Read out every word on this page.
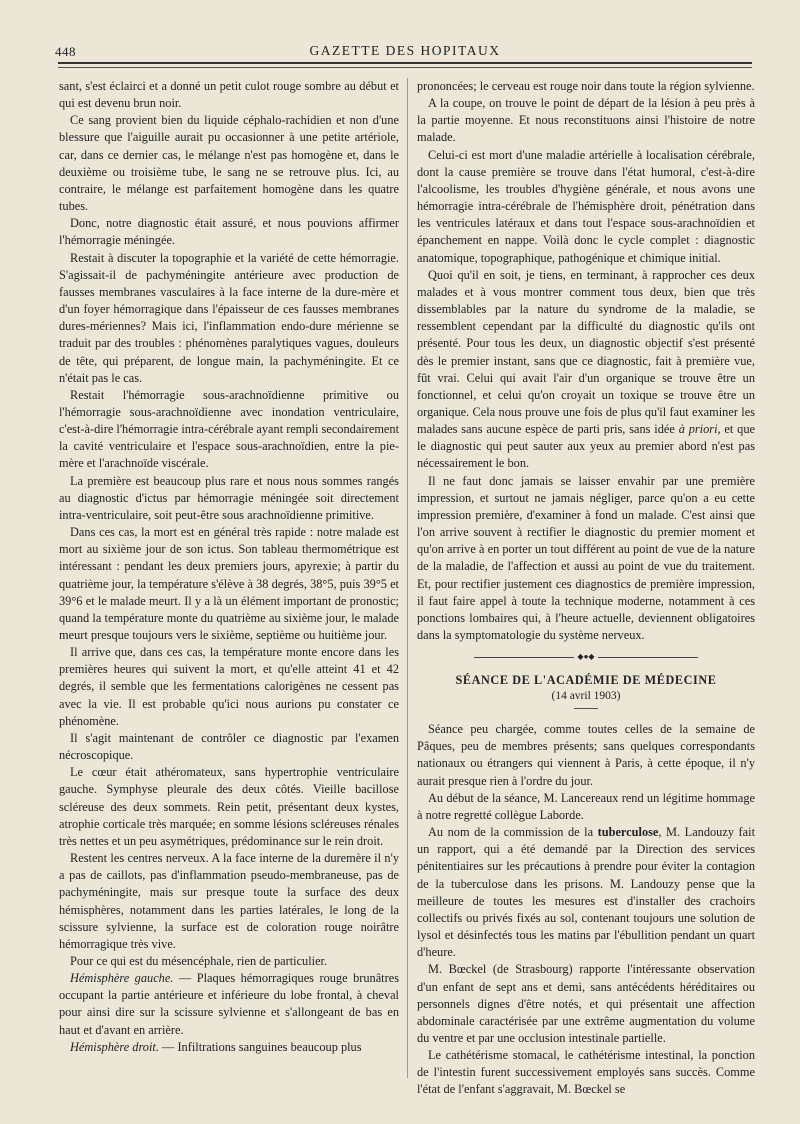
448	GAZETTE DES HOPITAUX

sant, s'est éclairci et a donné un petit culot rouge sombre au début et qui est devenu brun noir.

Ce sang provient bien du liquide céphalo-rachidien et non d'une blessure que l'aiguille aurait pu occasionner à une petite artériole, car, dans ce dernier cas, le mélange n'est pas homogène et, dans le deuxième ou troisième tube, le sang ne se retrouve plus. Ici, au contraire, le mélange est parfaitement homogène dans les quatre tubes.

Donc, notre diagnostic était assuré, et nous pouvions affirmer l'hémorragie méningée.

Restait à discuter la topographie et la variété de cette hémorragie. S'agissait-il de pachyméningite antérieure avec production de fausses membranes vasculaires à la face interne de la dure-mère et d'un foyer hémorragique dans l'épaisseur de ces fausses membranes dures-mériennes? Mais ici, l'inflammation endo-dure mérienne se traduit par des troubles : phénomènes paralytiques vagues, douleurs de tête, qui préparent, de longue main, la pachyméningite. Et ce n'était pas le cas.

Restait l'hémorragie sous-arachnoïdienne primitive ou l'hémorragie sous-arachnoïdienne avec inondation ventriculaire, c'est-à-dire l'hémorragie intra-cérébrale ayant rempli secondairement la cavité ventriculaire et l'espace sous-arachnoïdien, entre la pie-mère et l'arachnoïde viscérale.

La première est beaucoup plus rare et nous nous sommes rangés au diagnostic d'ictus par hémorragie méningée soit directement intra-ventriculaire, soit peut-être sous arachnoïdienne primitive.

Dans ces cas, la mort est en général très rapide : notre malade est mort au sixième jour de son ictus. Son tableau thermométrique est intéressant : pendant les deux premiers jours, apyrexie; à partir du quatrième jour, la température s'élève à 38 degrés, 38°5, puis 39°5 et 39°6 et le malade meurt. Il y a là un élément important de pronostic; quand la température monte du quatrième au sixième jour, le malade meurt presque toujours vers le sixième, septième ou huitième jour.

Il arrive que, dans ces cas, la température monte encore dans les premières heures qui suivent la mort, et qu'elle atteint 41 et 42 degrés, il semble que les fermentations calorigènes ne cessent pas avec la vie. Il est probable qu'ici nous aurions pu constater ce phénomène.

Il s'agit maintenant de contrôler ce diagnostic par l'examen nécroscopique.

Le cœur était athéromateux, sans hypertrophie ventriculaire gauche. Symphyse pleurale des deux côtés. Vieille bacillose scléreuse des deux sommets. Rein petit, présentant deux kystes, atrophie corticale très marquée; en somme lésions scléreuses rénales très nettes et un peu asymétriques, prédominance sur le rein droit.

Restent les centres nerveux. A la face interne de la duremère il n'y a pas de caillots, pas d'inflammation pseudo-membraneuse, pas de pachyméningite, mais sur presque toute la surface des deux hémisphères, notamment dans les parties latérales, le long de la scissure sylvienne, la surface est de coloration rouge noirâtre hémorragique très vive.

Pour ce qui est du mésencéphale, rien de particulier.

Hémisphère gauche. — Plaques hémorragiques rouge brunâtres occupant la partie antérieure et inférieure du lobe frontal, à cheval pour ainsi dire sur la scissure sylvienne et s'allongeant de bas en haut et d'avant en arrière.

Hémisphère droit. — Infiltrations sanguines beaucoup plus

prononcées; le cerveau est rouge noir dans toute la région sylvienne.

A la coupe, on trouve le point de départ de la lésion à peu près à la partie moyenne. Et nous reconstituons ainsi l'histoire de notre malade.

Celui-ci est mort d'une maladie artérielle à localisation cérébrale, dont la cause première se trouve dans l'état humoral, c'est-à-dire l'alcoolisme, les troubles d'hygiène générale, et nous avons une hémorragie intra-cérébrale de l'hémisphère droit, pénétration dans les ventricules latéraux et dans tout l'espace sous-arachnoïdien et épanchement en nappe. Voilà donc le cycle complet : diagnostic anatomique, topographique, pathogénique et chimique initial.

Quoi qu'il en soit, je tiens, en terminant, à rapprocher ces deux malades et à vous montrer comment tous deux, bien que très dissemblables par la nature du syndrome de la maladie, se ressemblent cependant par la difficulté du diagnostic qu'ils ont présenté. Pour tous les deux, un diagnostic objectif s'est présenté dès le premier instant, sans que ce diagnostic, fait à première vue, fût vrai. Celui qui avait l'air d'un organique se trouve être un fonctionnel, et celui qu'on croyait un toxique se trouve être un organique. Cela nous prouve une fois de plus qu'il faut examiner les malades sans aucune espèce de parti pris, sans idée à priori, et que le diagnostic qui peut sauter aux yeux au premier abord n'est pas nécessairement le bon.

Il ne faut donc jamais se laisser envahir par une première impression, et surtout ne jamais négliger, parce qu'on a eu cette impression première, d'examiner à fond un malade. C'est ainsi que l'on arrive souvent à rectifier le diagnostic du premier moment et qu'on arrive à en porter un tout différent au point de vue de la nature de la maladie, de l'affection et aussi au point de vue du traitement. Et, pour rectifier justement ces diagnostics de première impression, il faut faire appel à toute la technique moderne, notamment à ces ponctions lombaires qui, à l'heure actuelle, deviennent obligatoires dans la symptomatologie du système nerveux.

◆●◆
SÉANCE DE L'ACADÉMIE DE MÉDECINE
(14 avril 1903)

Séance peu chargée, comme toutes celles de la semaine de Pâques, peu de membres présents; sans quelques correspondants nationaux ou étrangers qui viennent à Paris, à cette époque, il n'y aurait presque rien à l'ordre du jour.

Au début de la séance, M. Lancereaux rend un légitime hommage à notre regretté collègue Laborde.

Au nom de la commission de la tuberculose, M. Landouzy fait un rapport, qui a été demandé par la Direction des services pénitentiaires sur les précautions à prendre pour éviter la contagion de la tuberculose dans les prisons. M. Landouzy pense que la meilleure de toutes les mesures est d'installer des crachoirs collectifs ou privés fixés au sol, contenant toujours une solution de lysol et désinfectés tous les matins par l'ébullition pendant un quart d'heure.

M. Bœckel (de Strasbourg) rapporte l'intéressante observation d'un enfant de sept ans et demi, sans antécédents héréditaires ou personnels dignes d'être notés, et qui présentait une affection abdominale caractérisée par une extrême augmentation du volume du ventre et par une occlusion intestinale partielle.

Le cathétérisme stomacal, le cathétérisme intestinal, la ponction de l'intestin furent successivement employés sans succès. Comme l'état de l'enfant s'aggravait, M. Bœckel se
